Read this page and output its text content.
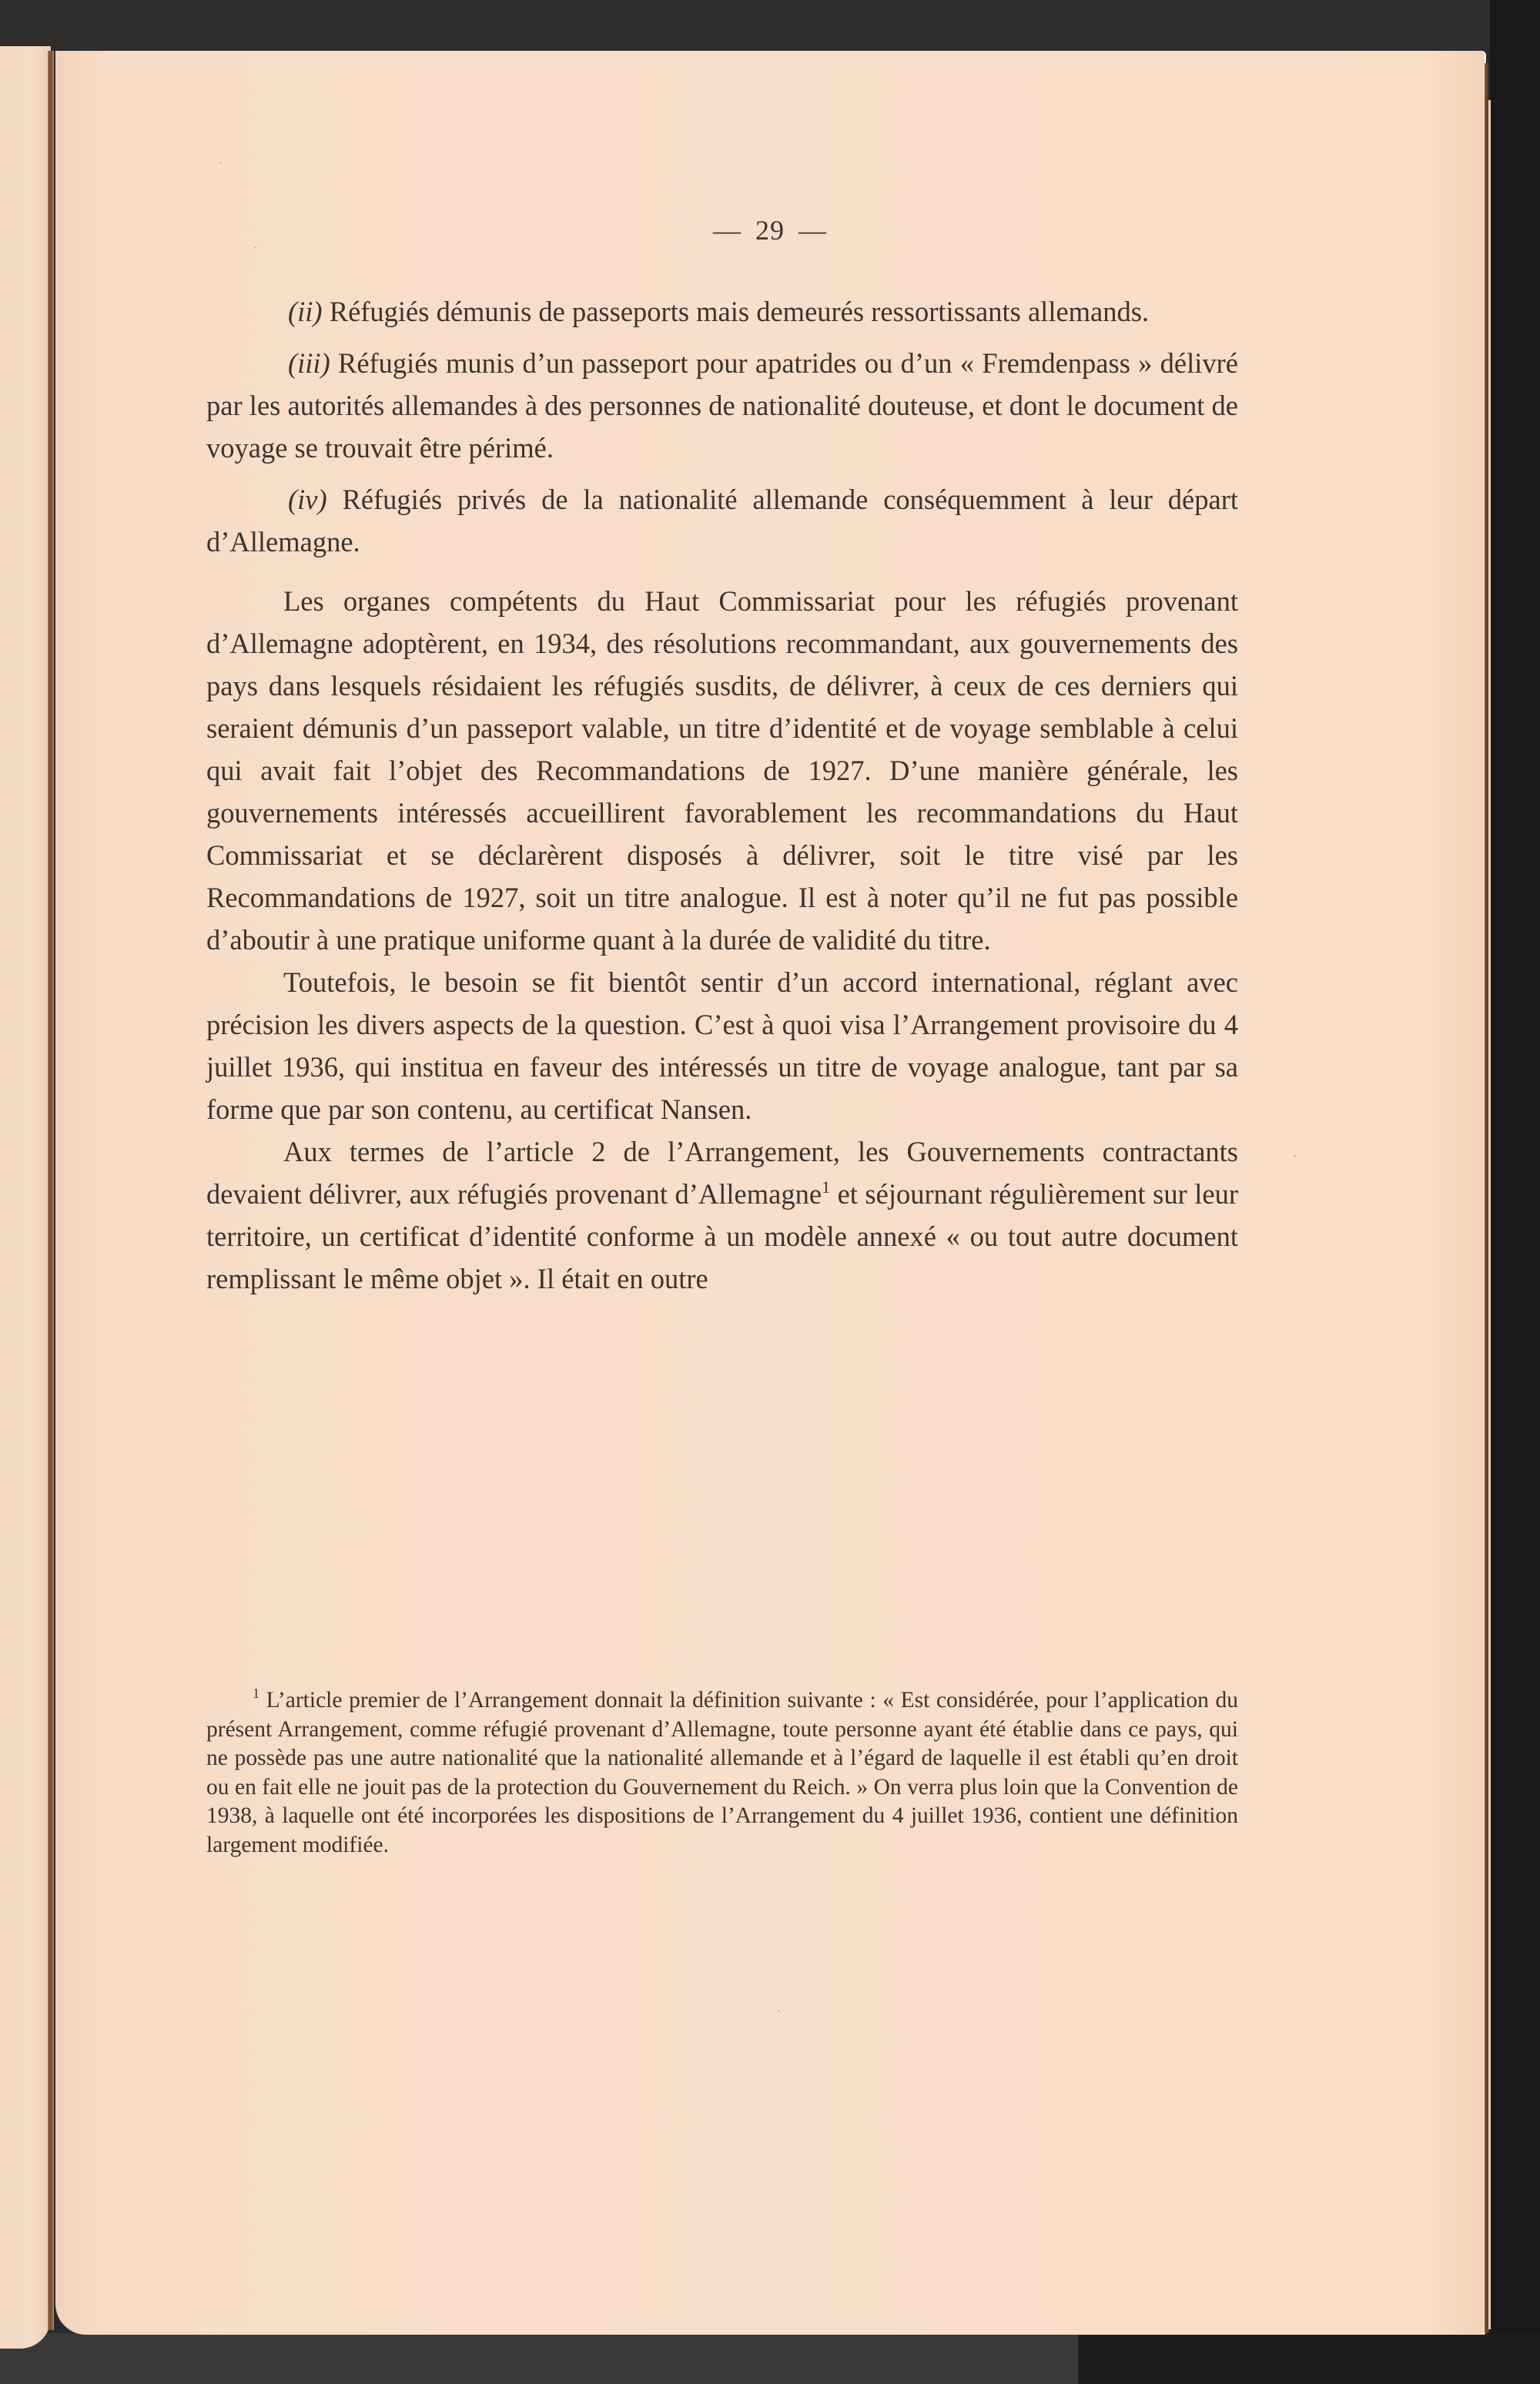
— 29 —

(ii) Réfugiés démunis de passeports mais demeurés ressortissants allemands.

(iii) Réfugiés munis d’un passeport pour apatrides ou d’un « Fremdenpass » délivré par les autorités allemandes à des personnes de nationalité douteuse, et dont le document de voyage se trouvait être périmé.

(iv) Réfugiés privés de la nationalité allemande conséquemment à leur départ d’Allemagne.

Les organes compétents du Haut Commissariat pour les réfugiés provenant d’Allemagne adoptèrent, en 1934, des résolutions recommandant, aux gouvernements des pays dans lesquels résidaient les réfugiés susdits, de délivrer, à ceux de ces derniers qui seraient démunis d’un passeport valable, un titre d’identité et de voyage semblable à celui qui avait fait l’objet des Recommandations de 1927. D’une manière générale, les gouvernements intéressés accueillirent favorablement les recommandations du Haut Commissariat et se déclarèrent disposés à délivrer, soit le titre visé par les Recommandations de 1927, soit un titre analogue. Il est à noter qu’il ne fut pas possible d’aboutir à une pratique uniforme quant à la durée de validité du titre.

Toutefois, le besoin se fit bientôt sentir d’un accord international, réglant avec précision les divers aspects de la question. C’est à quoi visa l’Arrangement provisoire du 4 juillet 1936, qui institua en faveur des intéressés un titre de voyage analogue, tant par sa forme que par son contenu, au certificat Nansen.

Aux termes de l’article 2 de l’Arrangement, les Gouvernements contractants devaient délivrer, aux réfugiés provenant d’Allemagne$^1$ et séjournant régulièrement sur leur territoire, un certificat d’identité conforme à un modèle annexé « ou tout autre document remplissant le même objet ». Il était en outre

$^1$ L’article premier de l’Arrangement donnait la définition suivante : « Est considérée, pour l’application du présent Arrangement, comme réfugié provenant d’Allemagne, toute personne ayant été établie dans ce pays, qui ne possède pas une autre nationalité que la nationalité allemande et à l’égard de laquelle il est établi qu’en droit ou en fait elle ne jouit pas de la protection du Gouvernement du Reich. » On verra plus loin que la Convention de 1938, à laquelle ont été incorporées les dispositions de l’Arrangement du 4 juillet 1936, contient une définition largement modifiée.
